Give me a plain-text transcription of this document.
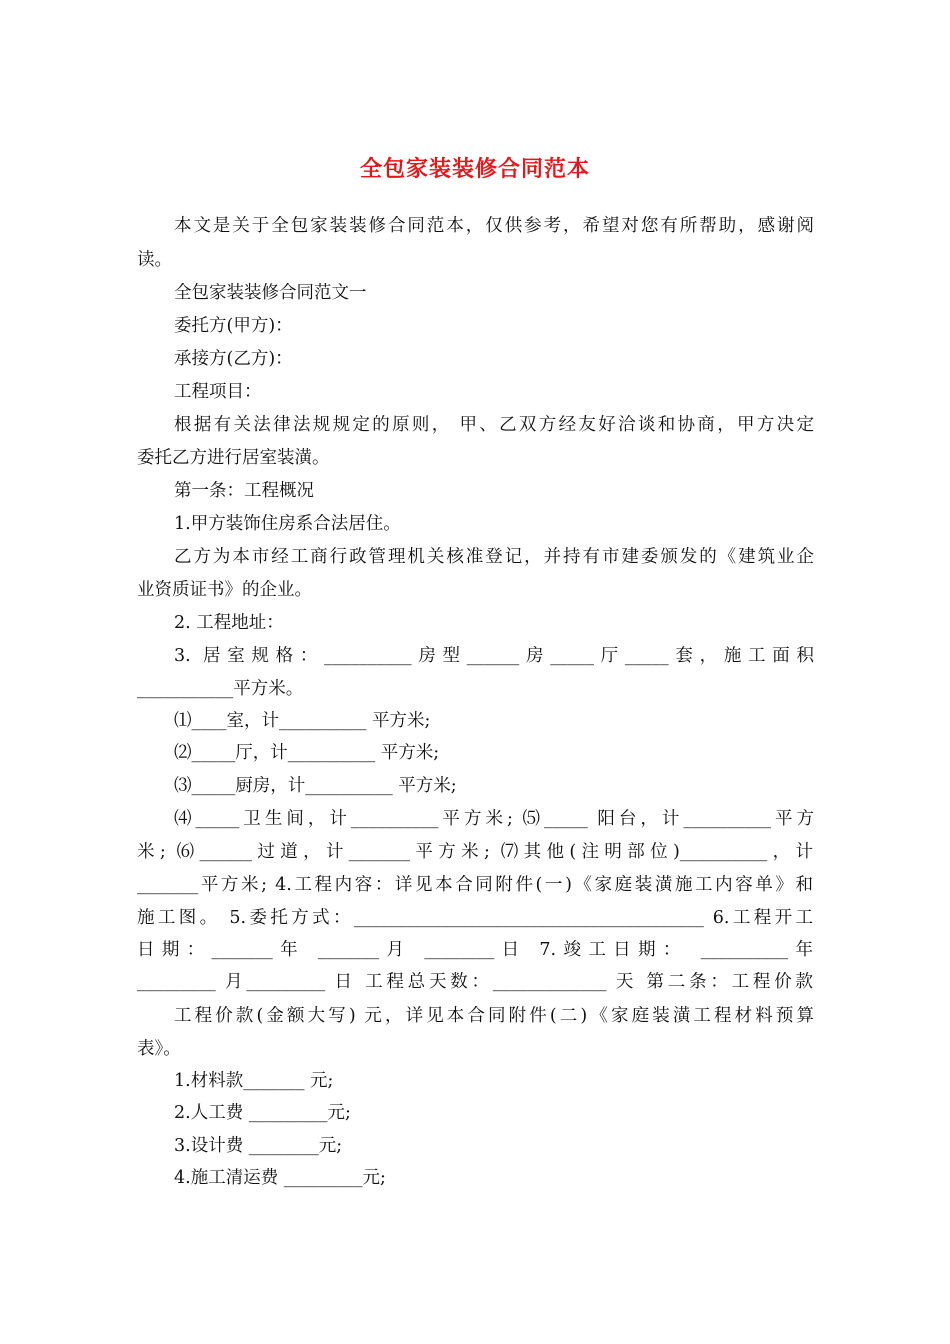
全包家装装修合同范本
本文是关于全包家装装修合同范本，仅供参考，希望对您有所帮助，感谢阅
读。
全包家装装修合同范文一
委托方(甲方)：
承接方(乙方)：
工程项目：
根据有关法律法规规定的原则， 甲、乙双方经友好洽谈和协商，甲方决定
委托乙方进行居室装潢。
第一条：工程概况
1.甲方装饰住房系合法居住。
乙方为本市经工商行政管理机关核准登记，并持有市建委颁发的《建筑业企
业资质证书》的企业。
2. 工程地址：
3. 居室规格：__________房型______房_____厅_____套，施工面积
___________平方米。
⑴____室，计__________ 平方米;
⑵_____厅，计__________ 平方米;
⑶_____厨房，计__________ 平方米;
⑷_____卫生间，计__________平方米; ⑸_____ 阳台，计__________平方
米; ⑹______过道，计_______平方米; ⑺其他(注明部位)__________，计
_______平方米; 4.工程内容：详见本合同附件(一)《家庭装潢施工内容单》和
施工图。 5.委托方式：________________________________________ 6.工程开工
日期：_______年 _______月 ________日 7.竣工日期： __________年
_________ 月_________ 日 工程总天数：_____________ 天 第二条：工程价款
工程价款(金额大写) 元，详见本合同附件(二)《家庭装潢工程材料预算
表》。
1.材料款_______ 元;
2.人工费 _________元;
3.设计费 ________元;
4.施工清运费 _________元;
